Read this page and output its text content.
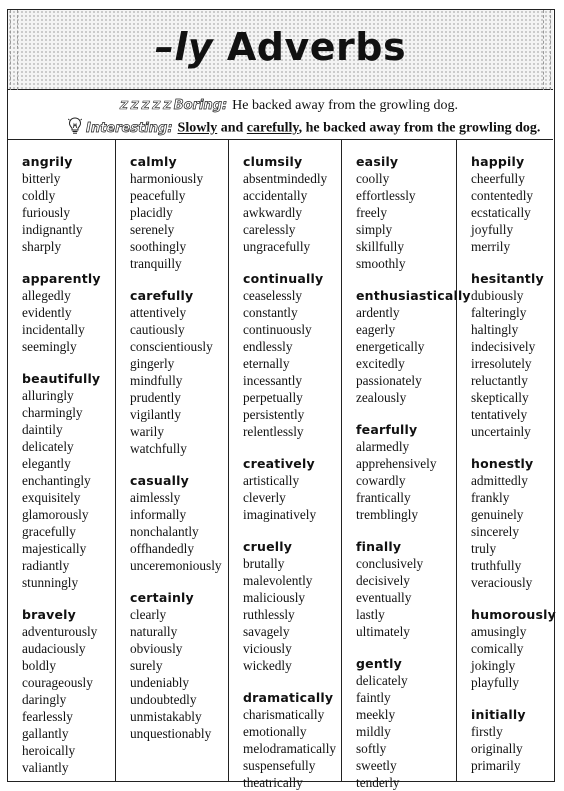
–ly Adverbs
Z Z Z Z Z Boring: He backed away from the growling dog.
Interesting: Slowly and carefully, he backed away from the growling dog.
angrily
bitterly
coldly
furiously
indignantly
sharply
apparently
allegedly
evidently
incidentally
seemingly
beautifully
alluringly
charmingly
daintily
delicately
elegantly
enchantingly
exquisitely
glamorously
gracefully
majestically
radiantly
stunningly
bravely
adventurously
audaciously
boldly
courageously
daringly
fearlessly
gallantly
heroically
valiantly
calmly
harmoniously
peacefully
placidly
serenely
soothingly
tranquilly
carefully
attentively
cautiously
conscientiously
gingerly
mindfully
prudently
vigilantly
warily
watchfully
casually
aimlessly
informally
nonchalantly
offhandedly
unceremoniously
certainly
clearly
naturally
obviously
surely
undeniably
undoubtedly
unmistakably
unquestionably
clumsily
absentmindedly
accidentally
awkwardly
carelessly
ungracefully
continually
ceaselessly
constantly
continuously
endlessly
eternally
incessantly
perpetually
persistently
relentlessly
creatively
artistically
cleverly
imaginatively
cruelly
brutally
malevolently
maliciously
ruthlessly
savagely
viciously
wickedly
dramatically
charismatically
emotionally
melodramatically
suspensefully
theatrically
easily
coolly
effortlessly
freely
simply
skillfully
smoothly
enthusiastically
ardently
eagerly
energetically
excitedly
passionately
zealously
fearfully
alarmedly
apprehensively
cowardly
frantically
tremblingly
finally
conclusively
decisively
eventually
lastly
ultimately
gently
delicately
faintly
meekly
mildly
softly
sweetly
tenderly
happily
cheerfully
contentedly
ecstatically
joyfully
merrily
hesitantly
dubiously
falteringly
haltingly
indecisively
irresolutely
reluctantly
skeptically
tentatively
uncertainly
honestly
admittedly
frankly
genuinely
sincerely
truly
truthfully
veraciously
humorously
amusingly
comically
jokingly
playfully
initially
firstly
originally
primarily
